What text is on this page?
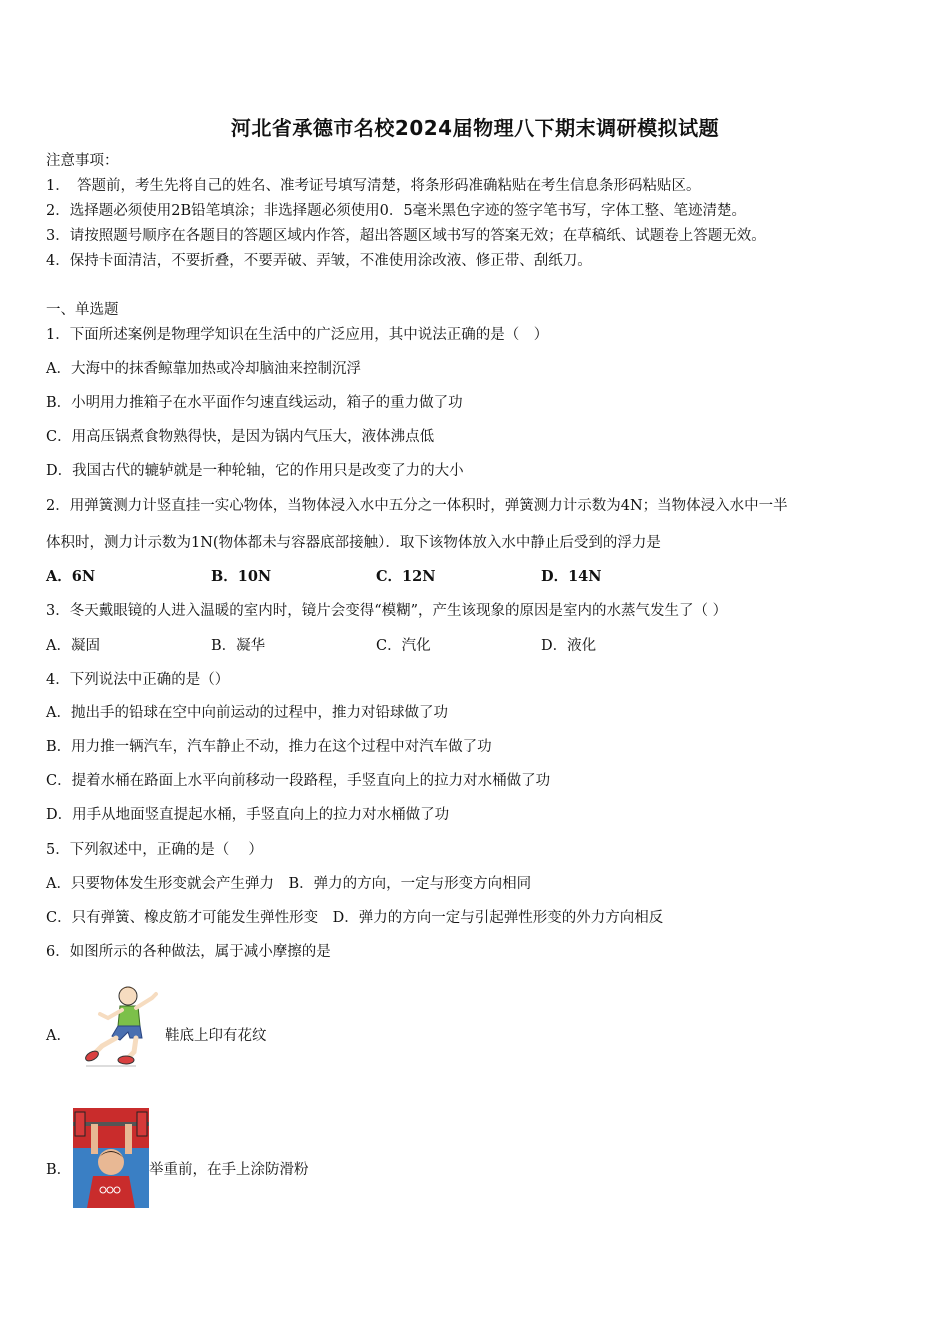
河北省承德市名校2024届物理八下期末调研模拟试题
注意事项：
1．　答题前，考生先将自己的姓名、准考证号填写清楚，将条形码准确粘贴在考生信息条形码粘贴区。
2．选择题必须使用2B铅笔填涂；非选择题必须使用0．5毫米黑色字迹的签字笔书写，字体工整、笔迹清楚。
3．请按照题号顺序在各题目的答题区域内作答，超出答题区域书写的答案无效；在草稿纸、试题卷上答题无效。
4．保持卡面清洁，不要折叠，不要弄破、弄皱，不准使用涂改液、修正带、刮纸刀。
一、单选题
1．下面所述案例是物理学知识在生活中的广泛应用，其中说法正确的是（　）
A．大海中的抹香鲸靠加热或冷却脑油来控制沉浮
B．小明用力推箱子在水平面作匀速直线运动，箱子的重力做了功
C．用高压锅煮食物熟得快，是因为锅内气压大，液体沸点低
D．我国古代的辘轳就是一种轮轴，它的作用只是改变了力的大小
2．用弹簧测力计竖直挂一实心物体，当物体浸入水中五分之一体积时，弹簧测力计示数为4N；当物体浸入水中一半
体积时，测力计示数为1N(物体都未与容器底部接触）．取下该物体放入水中静止后受到的浮力是
A．6N	B．10N	C．12N	D．14N
3．冬天戴眼镜的人进入温暖的室内时，镜片会变得“模糊”，产生该现象的原因是室内的水蒸气发生了（ ）
A．凝固	B．凝华	C．汽化	D．液化
4．下列说法中正确的是（）
A．抛出手的铅球在空中向前运动的过程中，推力对铅球做了功
B．用力推一辆汽车，汽车静止不动，推力在这个过程中对汽车做了功
C．提着水桶在路面上水平向前移动一段路程，手竖直向上的拉力对水桶做了功
D．用手从地面竖直提起水桶，手竖直向上的拉力对水桶做了功
5．下列叙述中，正确的是（　 ）
A．只要物体发生形变就会产生弹力　B．弹力的方向，一定与形变方向相同
C．只有弹簧、橡皮筋才可能发生弹性形变　D．弹力的方向一定与引起弹性形变的外力方向相反
6．如图所示的各种做法，属于减小摩擦的是
A．	鞋底上印有花纹
B．	举重前，在手上涂防滑粉
